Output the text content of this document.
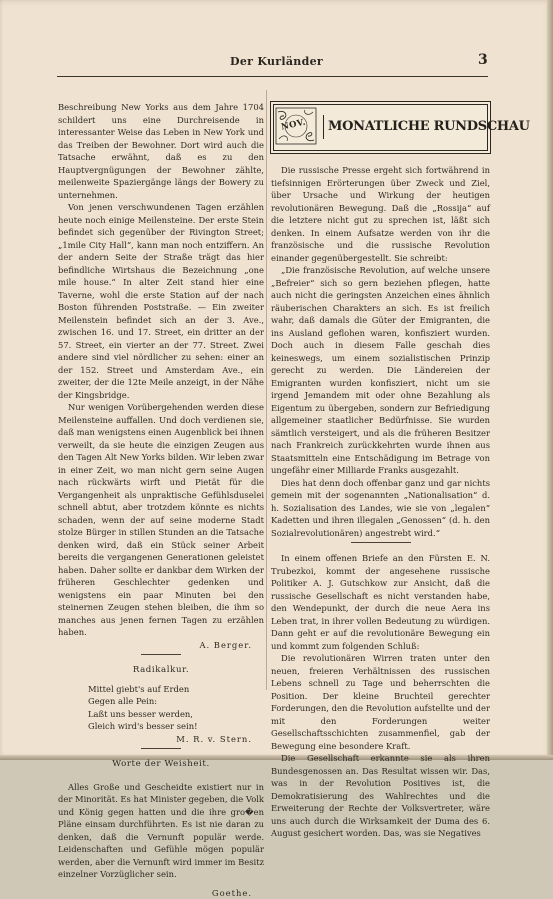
Der Kurländer	3

Beschreibung New Yorks aus dem Jahre 1704 schildert uns eine Durchreisende in interessanter Weise das Leben in New York und das Treiben der Bewohner. Dort wird auch die Tatsache erwähnt, daß es zu den Hauptvergnügungen der Bewohner zählte, meilenweite Spaziergänge längs der Bowery zu unternehmen.

Von jenen verschwundenen Tagen erzählen heute noch einige Meilensteine. Der erste Stein befindet sich gegenüber der Rivington Street; „1mile City Hall“, kann man noch entziffern. An der andern Seite der Straße trägt das hier befindliche Wirtshaus die Bezeichnung „one mile house.“ In alter Zeit stand hier eine Taverne, wohl die erste Station auf der nach Boston führenden Poststraße. — Ein zweiter Meilenstein befindet sich an der 3. Ave., zwischen 16. und 17. Street, ein dritter an der 57. Street, ein vierter an der 77. Street. Zwei andere sind viel nördlicher zu sehen: einer an der 152. Street und Amsterdam Ave., ein zweiter, der die 12te Meile anzeigt, in der Nähe der Kingsbridge.

Nur wenigen Vorübergehenden werden diese Meilensteine auffallen. Und doch verdienen sie, daß man wenigstens einen Augenblick bei ihnen verweilt, da sie heute die einzigen Zeugen aus den Tagen Alt New Yorks bilden. Wir leben zwar in einer Zeit, wo man nicht gern seine Augen nach rückwärts wirft und Pietät für die Vergangenheit als unpraktische Gefühlsduselei schnell abtut, aber trotzdem könnte es nichts schaden, wenn der auf seine moderne Stadt stolze Bürger in stillen Stunden an die Tatsache denken wird, daß ein Stück seiner Arbeit bereits die vergangenen Generationen geleistet haben. Daher sollte er dankbar dem Wirken der früheren Geschlechter gedenken und wenigstens ein paar Minuten bei den steinernen Zeugen stehen bleiben, die ihm so manches aus jenen fernen Tagen zu erzählen haben.

A. Berger.
Radikalkur.
Mittel giebt's auf Erden
Gegen alle Pein:
Laßt uns besser werden,
Gleich wird's besser sein!
M. R. v. Stern.
Worte der Weisheit.

Alles Große und Gescheidte existiert nur in der Minorität. Es hat Minister gegeben, die Volk und König gegen hatten und die ihre gro�en Pläne einsam durchführten. Es ist nie daran zu denken, daß die Vernunft populär werde. Leidenschaften und Gefühle mögen populär werden, aber die Vernunft wird immer im Besitz einzelner Vorzüglicher sein.

Goethe.
NOV.	MONATLICHE RUNDSCHAU

Die russische Presse ergeht sich fortwährend in tiefsinnigen Erörterungen über Zweck und Ziel, über Ursache und Wirkung der heutigen revolutionären Bewegung. Daß die „Rossija“ auf die letztere nicht gut zu sprechen ist, läßt sich denken. In einem Aufsatze werden von ihr die französische und die russische Revolution einander gegenübergestellt. Sie schreibt:

„Die französische Revolution, auf welche unsere „Befreier“ sich so gern beziehen pflegen, hatte auch nicht die geringsten Anzeichen eines ähnlich räuberischen Charakters an sich. Es ist freilich wahr, daß damals die Güter der Emigranten, die ins Ausland geflohen waren, konfisziert wurden. Doch auch in diesem Falle geschah dies keineswegs, um einem sozialistischen Prinzip gerecht zu werden. Die Ländereien der Emigranten wurden konfisziert, nicht um sie irgend Jemandem mit oder ohne Bezahlung als Eigentum zu übergeben, sondern zur Befriedigung allgemeiner staatlicher Bedürfnisse. Sie wurden sämtlich versteigert, und als die früheren Besitzer nach Frankreich zurückkehrten wurde ihnen aus Staatsmitteln eine Entschädigung im Betrage von ungefähr einer Milliarde Franks ausgezahlt.

Dies hat denn doch offenbar ganz und gar nichts gemein mit der sogenannten „Nationalisation“ d. h. Sozialisation des Landes, wie sie von „legalen“ Kadetten und ihren illegalen „Genossen“ (d. h. den Sozialrevolutionären) angestrebt wird.“

In einem offenen Briefe an den Fürsten E. N. Trubezkoi, kommt der angesehene russische Politiker A. J. Gutschkow zur Ansicht, daß die russische Gesellschaft es nicht verstanden habe, den Wendepunkt, der durch die neue Aera ins Leben trat, in ihrer vollen Bedeutung zu würdigen. Dann geht er auf die revolutionäre Bewegung ein und kommt zum folgenden Schluß:

Die revolutionären Wirren traten unter den neuen, freieren Verhältnissen des russischen Lebens schnell zu Tage und beherrschten die Position. Der kleine Bruchteil gerechter Forderungen, den die Revolution aufstellte und der mit den Forderungen weiter Gesellschaftsschichten zusammenfiel, gab der Bewegung eine besondere Kraft.

Die Gesellschaft erkannte sie als ihren Bundesgenossen an. Das Resultat wissen wir. Das, was in der Revolution Positives ist, die Demokratisierung des Wahlrechtes und die Erweiterung der Rechte der Volksvertreter, wäre uns auch durch die Wirksamkeit der Duma des 6. August gesichert worden. Das, was sie Negatives
